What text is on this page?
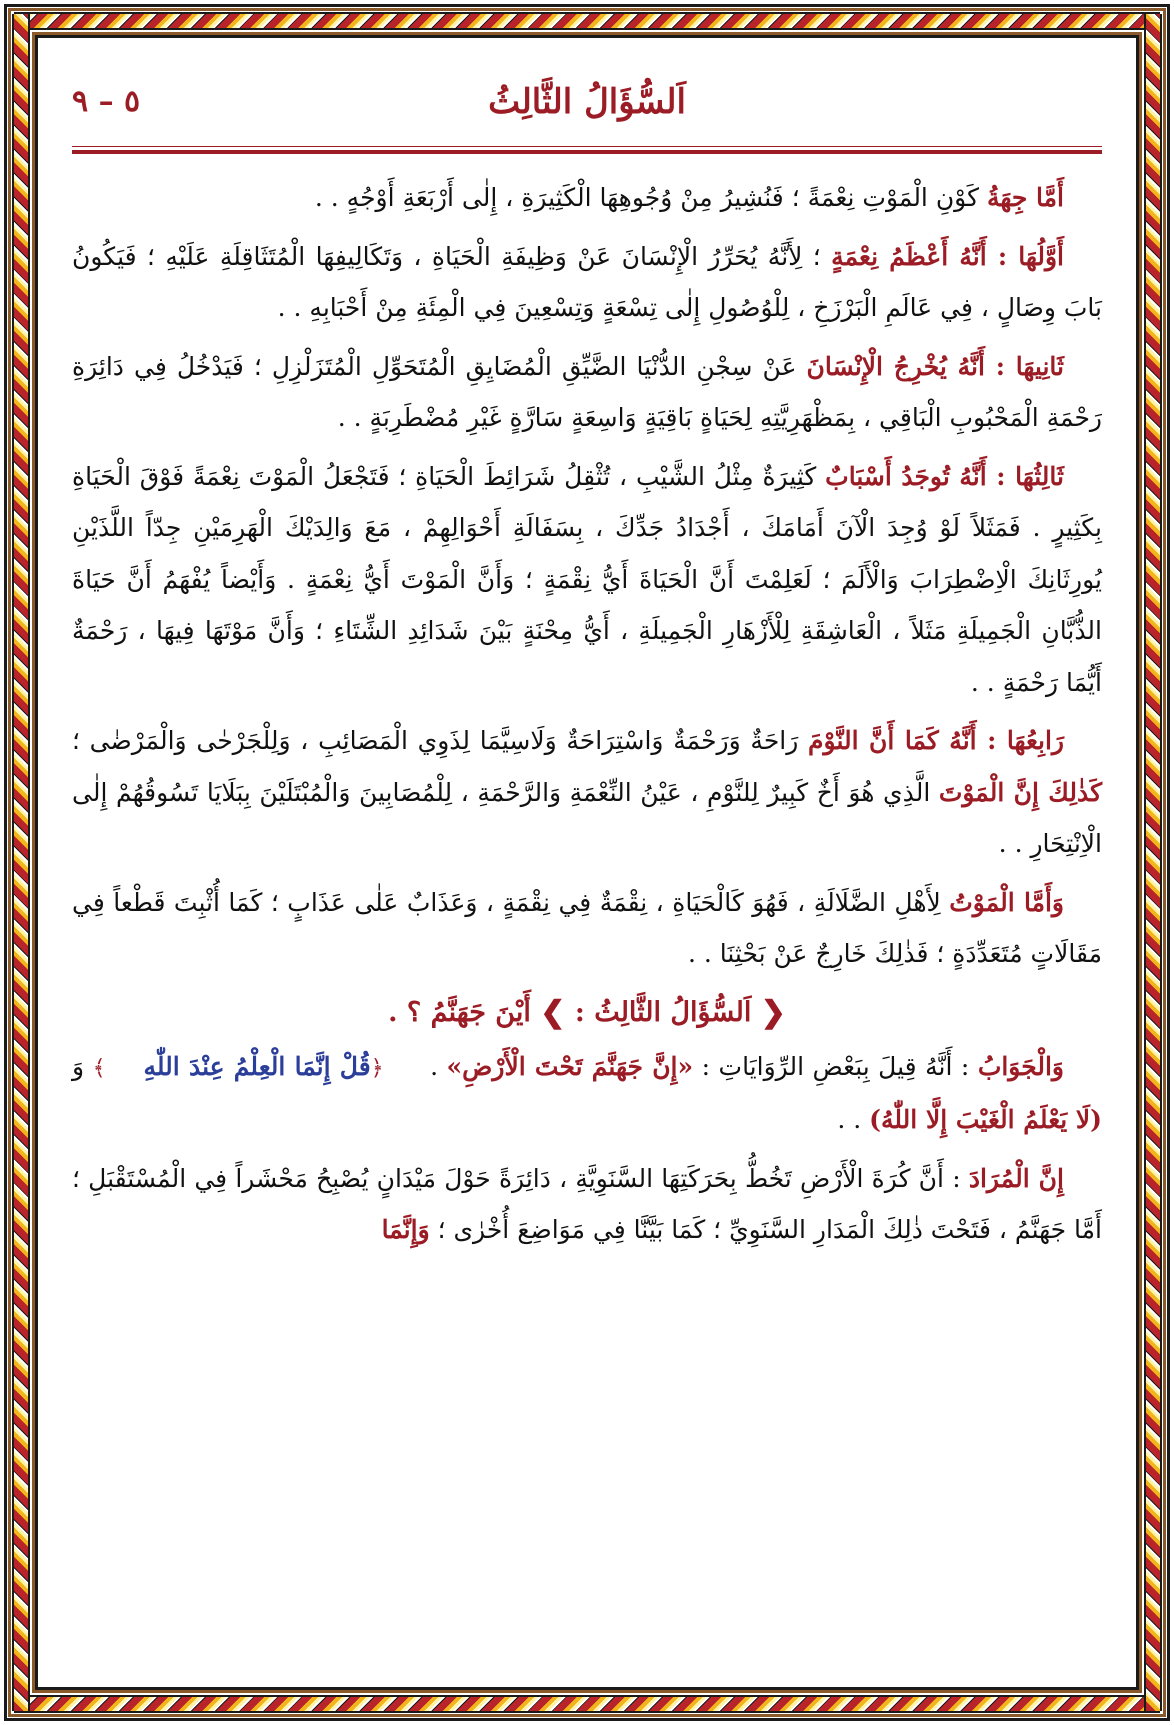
اَلسُّؤَالُ الثَّالِثُ
٥ – ٩

أَمَّا جِهَةُ كَوْنِ الْمَوْتِ نِعْمَةً ؛ فَنُشِيرُ مِنْ وُجُوهِهَا الْكَثِيرَةِ ، إِلٰى أَرْبَعَةِ أَوْجُهٍ . .

أَوَّلُهَا : أَنَّهُ أَعْظَمُ نِعْمَةٍ ؛ لِأَنَّهُ يُحَرِّرُ الْإِنْسَانَ عَنْ وَظِيفَةِ الْحَيَاةِ ، وَتَكَالِيفِهَا الْمُتَثَاقِلَةِ عَلَيْهِ ؛ فَيَكُونُ بَابَ وِصَالٍ ، فِي عَالَمِ الْبَرْزَخِ ، لِلْوُصُولِ إِلٰى تِسْعَةٍ وَتِسْعِينَ فِي الْمِئَةِ مِنْ أَحْبَابِهِ . .

ثَانِيهَا : أَنَّهُ يُخْرِجُ الْإِنْسَانَ عَنْ سِجْنِ الدُّنْيَا الضَّيِّقِ الْمُضَايِقِ الْمُتَحَوِّلِ الْمُتَزَلْزِلِ ؛ فَيَدْخُلُ فِي دَائِرَةِ رَحْمَةِ الْمَحْبُوبِ الْبَاقِي ، بِمَظْهَرِيَّتِهِ لِحَيَاةٍ بَاقِيَةٍ وَاسِعَةٍ سَارَّةٍ غَيْرِ مُضْطَرِبَةٍ . .

ثَالِثُهَا : أَنَّهُ تُوجَدُ أَسْبَابٌ كَثِيرَةٌ مِثْلُ الشَّيْبِ ، تُثْقِلُ شَرَائِطَ الْحَيَاةِ ؛ فَتَجْعَلُ الْمَوْتَ نِعْمَةً فَوْقَ الْحَيَاةِ بِكَثِيرٍ . فَمَثَلاً لَوْ وُجِدَ الْآنَ أَمَامَكَ ، أَجْدَادُ جَدِّكَ ، بِسَفَالَةِ أَحْوَالِهِمْ ، مَعَ وَالِدَيْكَ الْهَرِمَيْنِ جِدّاً اللَّذَيْنِ يُورِثَانِكَ الْاِضْطِرَابَ وَالْأَلَمَ ؛ لَعَلِمْتَ أَنَّ الْحَيَاةَ أَيُّ نِقْمَةٍ ؛ وَأَنَّ الْمَوْتَ أَيُّ نِعْمَةٍ . وَأَيْضاً يُفْهَمُ أَنَّ حَيَاةَ الذُّبَّانِ الْجَمِيلَةِ مَثَلاً ، الْعَاشِقَةِ لِلْأَزْهَارِ الْجَمِيلَةِ ، أَيُّ مِحْنَةٍ بَيْنَ شَدَائِدِ الشِّتَاءِ ؛ وَأَنَّ مَوْتَهَا فِيهَا ، رَحْمَةٌ أَيُّمَا رَحْمَةٍ . .

رَابِعُهَا : أَنَّهُ كَمَا أَنَّ النَّوْمَ رَاحَةٌ وَرَحْمَةٌ وَاسْتِرَاحَةٌ وَلَاسِيَّمَا لِذَوِي الْمَصَائِبِ ، وَلِلْجَرْحٰى وَالْمَرْضٰى ؛ كَذٰلِكَ إِنَّ الْمَوْتَ الَّذِي هُوَ أَخٌ كَبِيرٌ لِلنَّوْمِ ، عَيْنُ النِّعْمَةِ وَالرَّحْمَةِ ، لِلْمُصَابِينَ وَالْمُبْتَلَيْنَ بِبَلَايَا تَسُوقُهُمْ إِلٰى الْاِنْتِحَارِ . .

وَأَمَّا الْمَوْتُ لِأَهْلِ الضَّلَالَةِ ، فَهُوَ كَالْحَيَاةِ ، نِقْمَةٌ فِي نِقْمَةٍ ، وَعَذَابٌ عَلٰى عَذَابٍ ؛ كَمَا أُثْبِتَ قَطْعاً فِي مَقَالَاتٍ مُتَعَدِّدَةٍ ؛ فَذٰلِكَ خَارِجٌ عَنْ بَحْثِنَا . .

❮ اَلسُّؤَالُ الثَّالِثُ : ❯ أَيْنَ جَهَنَّمُ ؟ .

وَالْجَوَابُ : أَنَّهُ قِيلَ بِبَعْضِ الرِّوَايَاتِ : «إِنَّ جَهَنَّمَ تَحْتَ الْأَرْضِ» . ﴿قُلْ إِنَّمَا الْعِلْمُ عِنْدَ اللّٰهِ﴾ وَ (لَا يَعْلَمُ الْغَيْبَ إِلَّا اللّٰهُ) . .

إِنَّ الْمُرَادَ : أَنَّ كُرَةَ الْأَرْضِ تَخُطُّ بِحَرَكَتِهَا السَّنَوِيَّةِ ، دَائِرَةً حَوْلَ مَيْدَانٍ يُصْبِحُ مَحْشَراً فِي الْمُسْتَقْبَلِ ؛ أَمَّا جَهَنَّمُ ، فَتَحْتَ ذٰلِكَ الْمَدَارِ السَّنَوِيِّ ؛ كَمَا بَيَّنَّا فِي مَوَاضِعَ أُخْرٰى ؛ وَإِنَّمَا
